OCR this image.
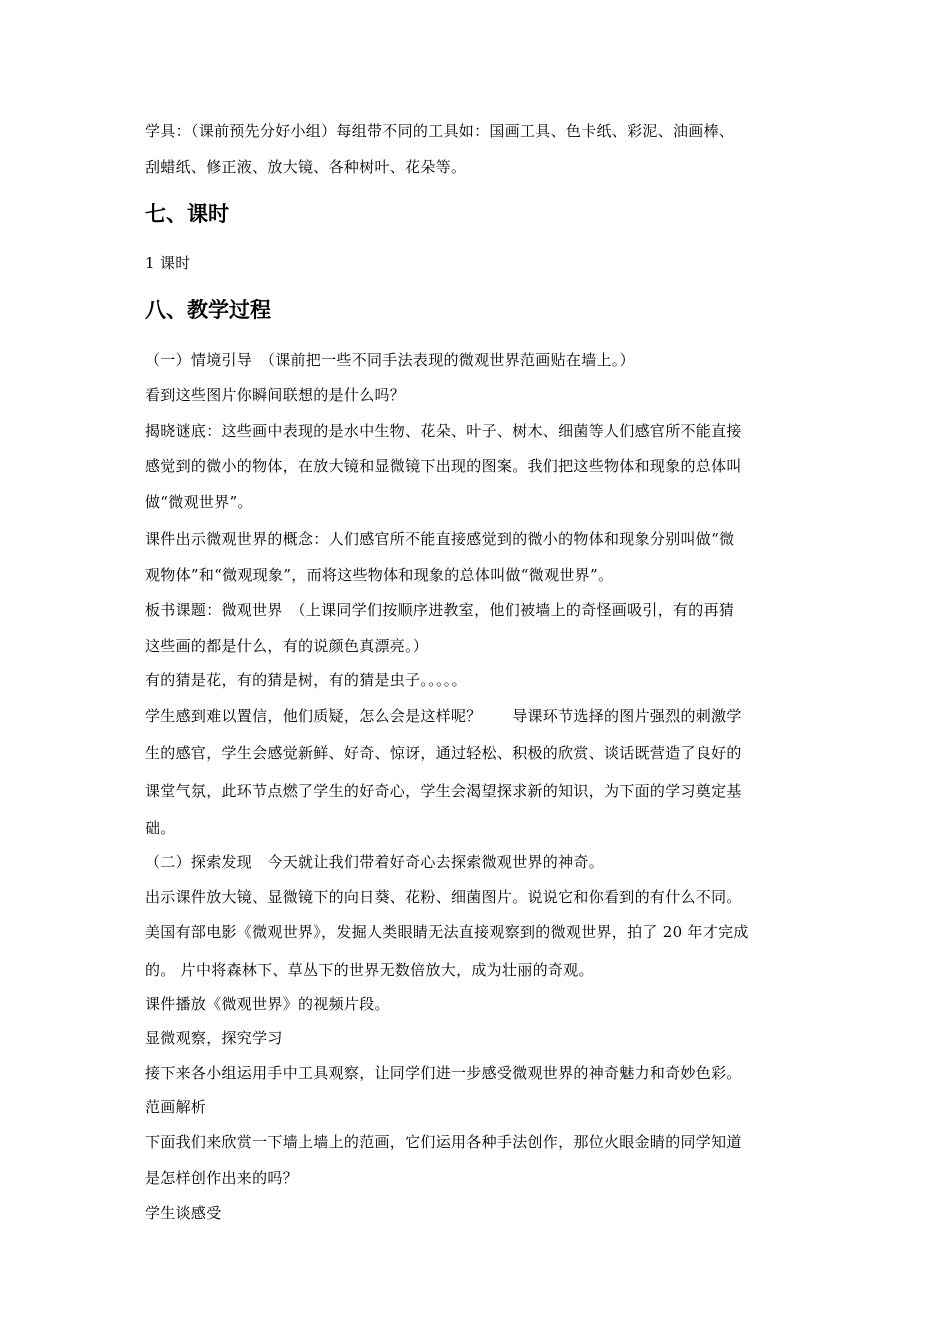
学具：（课前预先分好小组）每组带不同的工具如：国画工具、色卡纸、彩泥、油画棒、

刮蜡纸、修正液、放大镜、各种树叶、花朵等。

七、课时

1 课时

八、教学过程

（一）情境引导　（课前把一些不同手法表现的微观世界范画贴在墙上。）

看到这些图片你瞬间联想的是什么吗？

揭晓谜底：这些画中表现的是水中生物、花朵、叶子、树木、细菌等人们感官所不能直接

感觉到的微小的物体，在放大镜和显微镜下出现的图案。我们把这些物体和现象的总体叫

做“微观世界”。

课件出示微观世界的概念：人们感官所不能直接感觉到的微小的物体和现象分别叫做“微

观物体”和“微观现象”，而将这些物体和现象的总体叫做“微观世界”。

板书课题：微观世界　（上课同学们按顺序进教室，他们被墙上的奇怪画吸引，有的再猜

这些画的都是什么，有的说颜色真漂亮。）

有的猜是花，有的猜是树，有的猜是虫子。。。。。

学生感到难以置信，他们质疑，怎么会是这样呢？　　导课环节选择的图片强烈的刺激学

生的感官，学生会感觉新鲜、好奇、惊讶，通过轻松、积极的欣赏、谈话既营造了良好的

课堂气氛，此环节点燃了学生的好奇心，学生会渴望探求新的知识，为下面的学习奠定基

础。

（二）探索发现　今天就让我们带着好奇心去探索微观世界的神奇。

出示课件放大镜、显微镜下的向日葵、花粉、细菌图片。说说它和你看到的有什么不同。

美国有部电影《微观世界》，发掘人类眼睛无法直接观察到的微观世界，拍了 20 年才完成

的。 片中将森林下、草丛下的世界无数倍放大，成为壮丽的奇观。

课件播放《微观世界》的视频片段。

显微观察，探究学习

接下来各小组运用手中工具观察，让同学们进一步感受微观世界的神奇魅力和奇妙色彩。

范画解析

下面我们来欣赏一下墙上墙上的范画，它们运用各种手法创作，那位火眼金睛的同学知道

是怎样创作出来的吗？

学生谈感受
